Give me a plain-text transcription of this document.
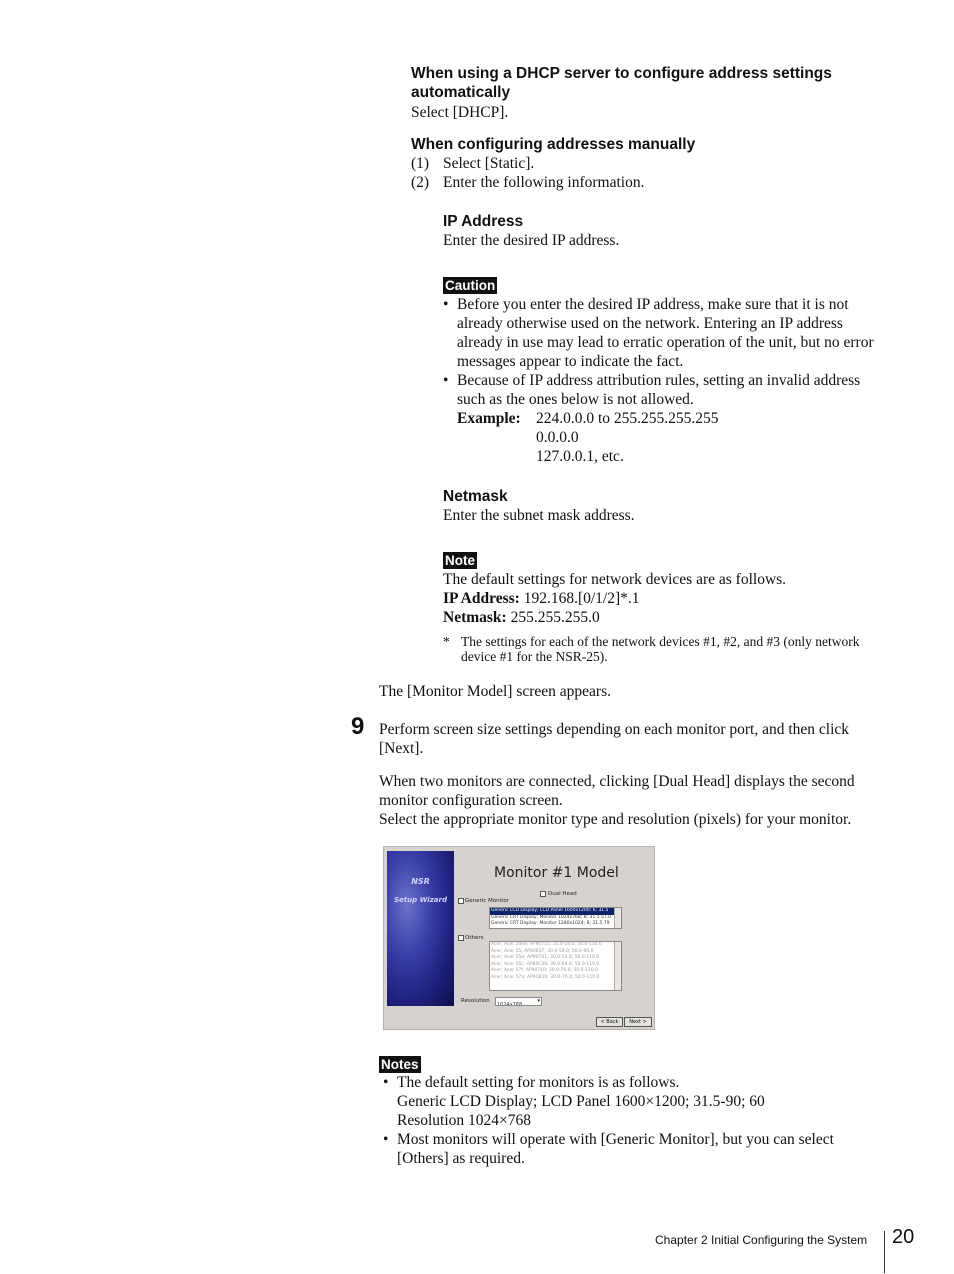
When using a DHCP server to configure address settings automatically
Select [DHCP].
When configuring addresses manually
(1) Select [Static].
(2) Enter the following information.
IP Address
Enter the desired IP address.
Caution
• Before you enter the desired IP address, make sure that it is not already otherwise used on the network. Entering an IP address already in use may lead to erratic operation of the unit, but no error messages appear to indicate the fact.
• Because of IP address attribution rules, setting an invalid address such as the ones below is not allowed.
Example: 224.0.0.0 to 255.255.255.255
0.0.0.0
127.0.0.1, etc.
Netmask
Enter the subnet mask address.
Note
The default settings for network devices are as follows.
IP Address: 192.168.[0/1/2]*.1
Netmask: 255.255.255.0
* The settings for each of the network devices #1, #2, and #3 (only network device #1 for the NSR-25).
The [Monitor Model] screen appears.
9 Perform screen size settings depending on each monitor port, and then click [Next].
When two monitors are connected, clicking [Dual Head] displays the second monitor configuration screen.
Select the appropriate monitor type and resolution (pixels) for your monitor.
NSR
Setup Wizard
Monitor #1 Model
Dual Head
Generic Monitor
Generic LCD Display; LCD Panel 1600x1200; 6; 31.5
Generic CRT Display; Monitor 1024x768; 8; 31.5 57.0
Generic CRT Display; Monitor 1280x1024; 8; 31.5 79
Others
Acer; Acer 54ee; AF90715; 31.0-54.0; 50.0-110.0
Acer; Acer 55; AP80837; 30.0-56.0; 50.0-90.0
Acer; Acer 55e; AP90701; 30.0-54.0; 50.0-110.0
Acer; Acer 56L; AP84C38; 30.0-64.0; 50.0-110.0
Acer; Acer 57f; AP90710; 30.0-70.0; 50.0-110.0
Acer; Acer 57a; AP91B16; 30.0-70.0; 50.0-110.0
Resolution
1024x768
▾
< Back	Next >
Notes
• The default setting for monitors is as follows.
Generic LCD Display; LCD Panel 1600×1200; 31.5-90; 60
Resolution 1024×768
• Most monitors will operate with [Generic Monitor], but you can select [Others] as required.
Chapter 2 Initial Configuring the System 20
